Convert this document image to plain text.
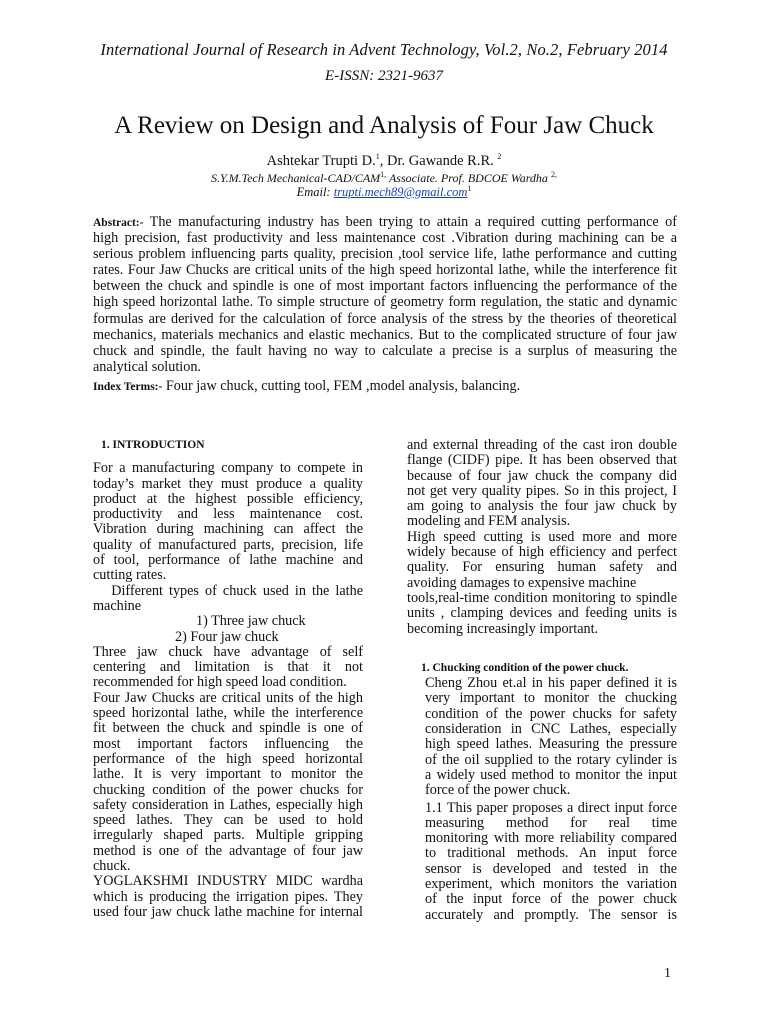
International Journal of Research in Advent Technology, Vol.2, No.2, February 2014
E-ISSN: 2321-9637
A Review on Design and Analysis of Four Jaw Chuck
Ashtekar Trupti D.$^1$, Dr. Gawande R.R. $^2$
S.Y.M.Tech Mechanical-$CAD/CAM^{1,}$ Associate. Prof. BDCOE Wardha $^{2,}$
Email: trupti.mech89@gmail.com$^1$
Abstract:- The manufacturing industry has been trying to attain a required cutting performance of
high precision, fast productivity and less maintenance cost .Vibration during machining can be a
serious problem influencing parts quality, precision ,tool service life, lathe performance and cutting
rates. Four Jaw Chucks are critical units of the high speed horizontal lathe, while the interference fit
between the chuck and spindle is one of most important factors influencing the performance of the
high speed horizontal lathe. To simple structure of geometry form regulation, the static and dynamic
formulas are derived for the calculation of force analysis of the stress by the theories of theoretical
mechanics, materials mechanics and elastic mechanics. But to the complicated structure of four jaw
chuck and spindle, the fault having no way to calculate a precise is a surplus of measuring the
analytical solution.
Index Terms:- Four jaw chuck, cutting tool, FEM ,model analysis, balancing.
1. INTRODUCTION
For a manufacturing company to compete in
today’s market they must produce a quality
product at the highest possible efficiency,
productivity and less maintenance cost.
Vibration during machining can affect the
quality of manufactured parts, precision, life
of tool, performance of lathe machine and
cutting rates.
Different types of chuck used in the lathe
machine
1) Three jaw chuck
2) Four jaw chuck
Three jaw chuck have advantage of self
centering and limitation is that it not
recommended for high speed load condition.
Four Jaw Chucks are critical units of the high
speed horizontal lathe, while the interference
fit between the chuck and spindle is one of
most important factors influencing the
performance of the high speed horizontal
lathe. It is very important to monitor the
chucking condition of the power chucks for
safety consideration in Lathes, especially high
speed lathes. They can be used to hold
irregularly shaped parts. Multiple gripping
method is one of the advantage of four jaw
chuck.
YOGLAKSHMI INDUSTRY MIDC wardha
which is producing the irrigation pipes. They
used four jaw chuck lathe machine for internal
and external threading of the cast iron double
flange (CIDF) pipe. It has been observed that
because of four jaw chuck the company did
not get very quality pipes. So in this project, I
am going to analysis the four jaw chuck by
modeling and FEM analysis.
High speed cutting is used more and more
widely because of high efficiency and perfect
quality. For ensuring human safety and
avoiding damages to expensive machine
tools,real-time condition monitoring to spindle
units , clamping devices and feeding units is
becoming increasingly important.
1. Chucking condition of the power chuck.
Cheng Zhou et.al in his paper defined it is
very important to monitor the chucking
condition of the power chucks for safety
consideration in CNC Lathes, especially
high speed lathes. Measuring the pressure
of the oil supplied to the rotary cylinder is
a widely used method to monitor the input
force of the power chuck.
1.1 This paper proposes a direct input force
measuring method for real time
monitoring with more reliability compared
to traditional methods. An input force
sensor is developed and tested in the
experiment, which monitors the variation
of the input force of the power chuck
accurately and promptly. The sensor is
1
